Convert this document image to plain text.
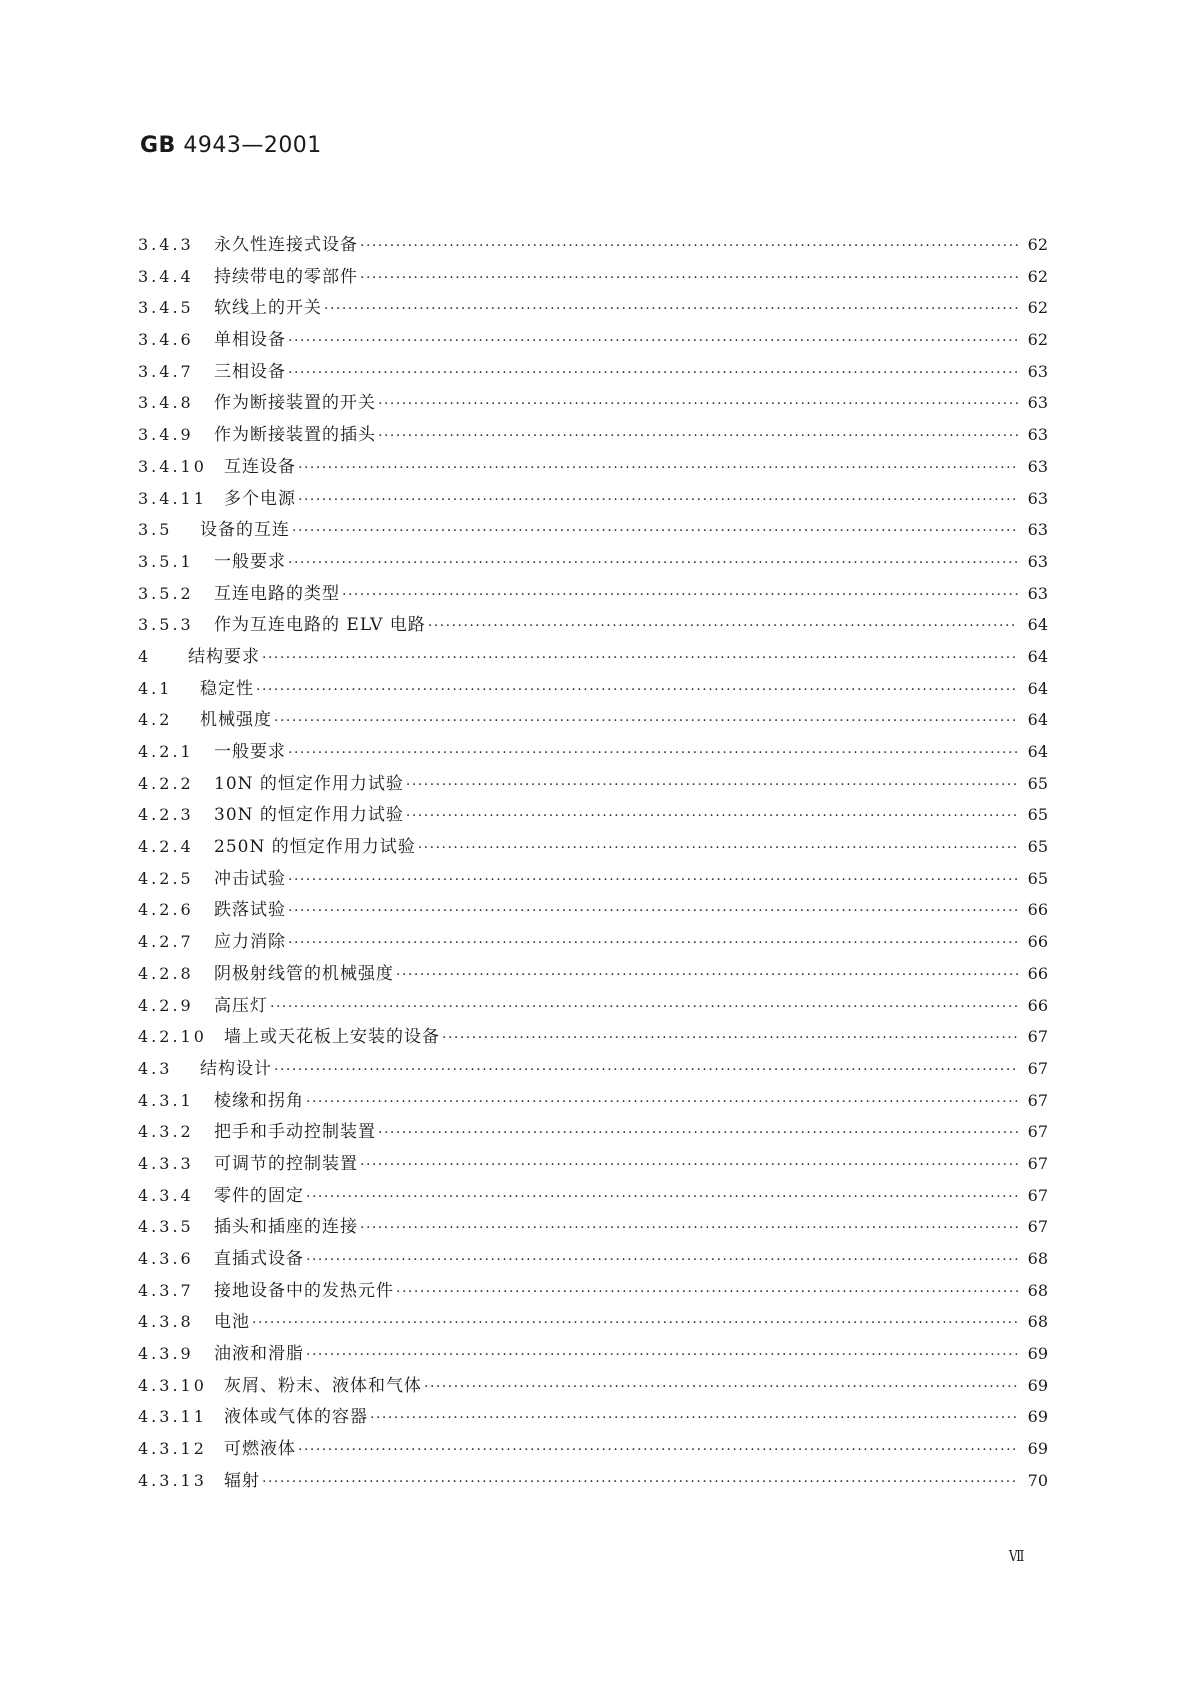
GB 4943—2001
3.4.3	永久性连接式设备 ·····	62
3.4.4	持续带电的零部件 ·····	62
3.4.5	软线上的开关 ·····	62
3.4.6	单相设备 ·····	62
3.4.7	三相设备 ·····	63
3.4.8	作为断接装置的开关 ·····	63
3.4.9	作为断接装置的插头 ·····	63
3.4.10	互连设备 ·····	63
3.4.11	多个电源 ·····	63
3.5	设备的互连 ·····	63
3.5.1	一般要求 ·····	63
3.5.2	互连电路的类型 ·····	63
3.5.3	作为互连电路的 ELV 电路 ·····	64
4	结构要求 ·····	64
4.1	稳定性 ·····	64
4.2	机械强度 ·····	64
4.2.1	一般要求 ·····	64
4.2.2	10N 的恒定作用力试验 ·····	65
4.2.3	30N 的恒定作用力试验 ·····	65
4.2.4	250N 的恒定作用力试验 ·····	65
4.2.5	冲击试验 ·····	65
4.2.6	跌落试验 ·····	66
4.2.7	应力消除 ·····	66
4.2.8	阴极射线管的机械强度 ·····	66
4.2.9	高压灯 ·····	66
4.2.10	墙上或天花板上安装的设备 ·····	67
4.3	结构设计 ·····	67
4.3.1	棱缘和拐角 ·····	67
4.3.2	把手和手动控制装置 ·····	67
4.3.3	可调节的控制装置 ·····	67
4.3.4	零件的固定 ·····	67
4.3.5	插头和插座的连接 ·····	67
4.3.6	直插式设备 ·····	68
4.3.7	接地设备中的发热元件 ·····	68
4.3.8	电池 ·····	68
4.3.9	油液和滑脂 ·····	69
4.3.10	灰屑、粉末、液体和气体 ·····	69
4.3.11	液体或气体的容器 ·····	69
4.3.12	可燃液体 ·····	69
4.3.13	辐射 ·····	70
Ⅶ
